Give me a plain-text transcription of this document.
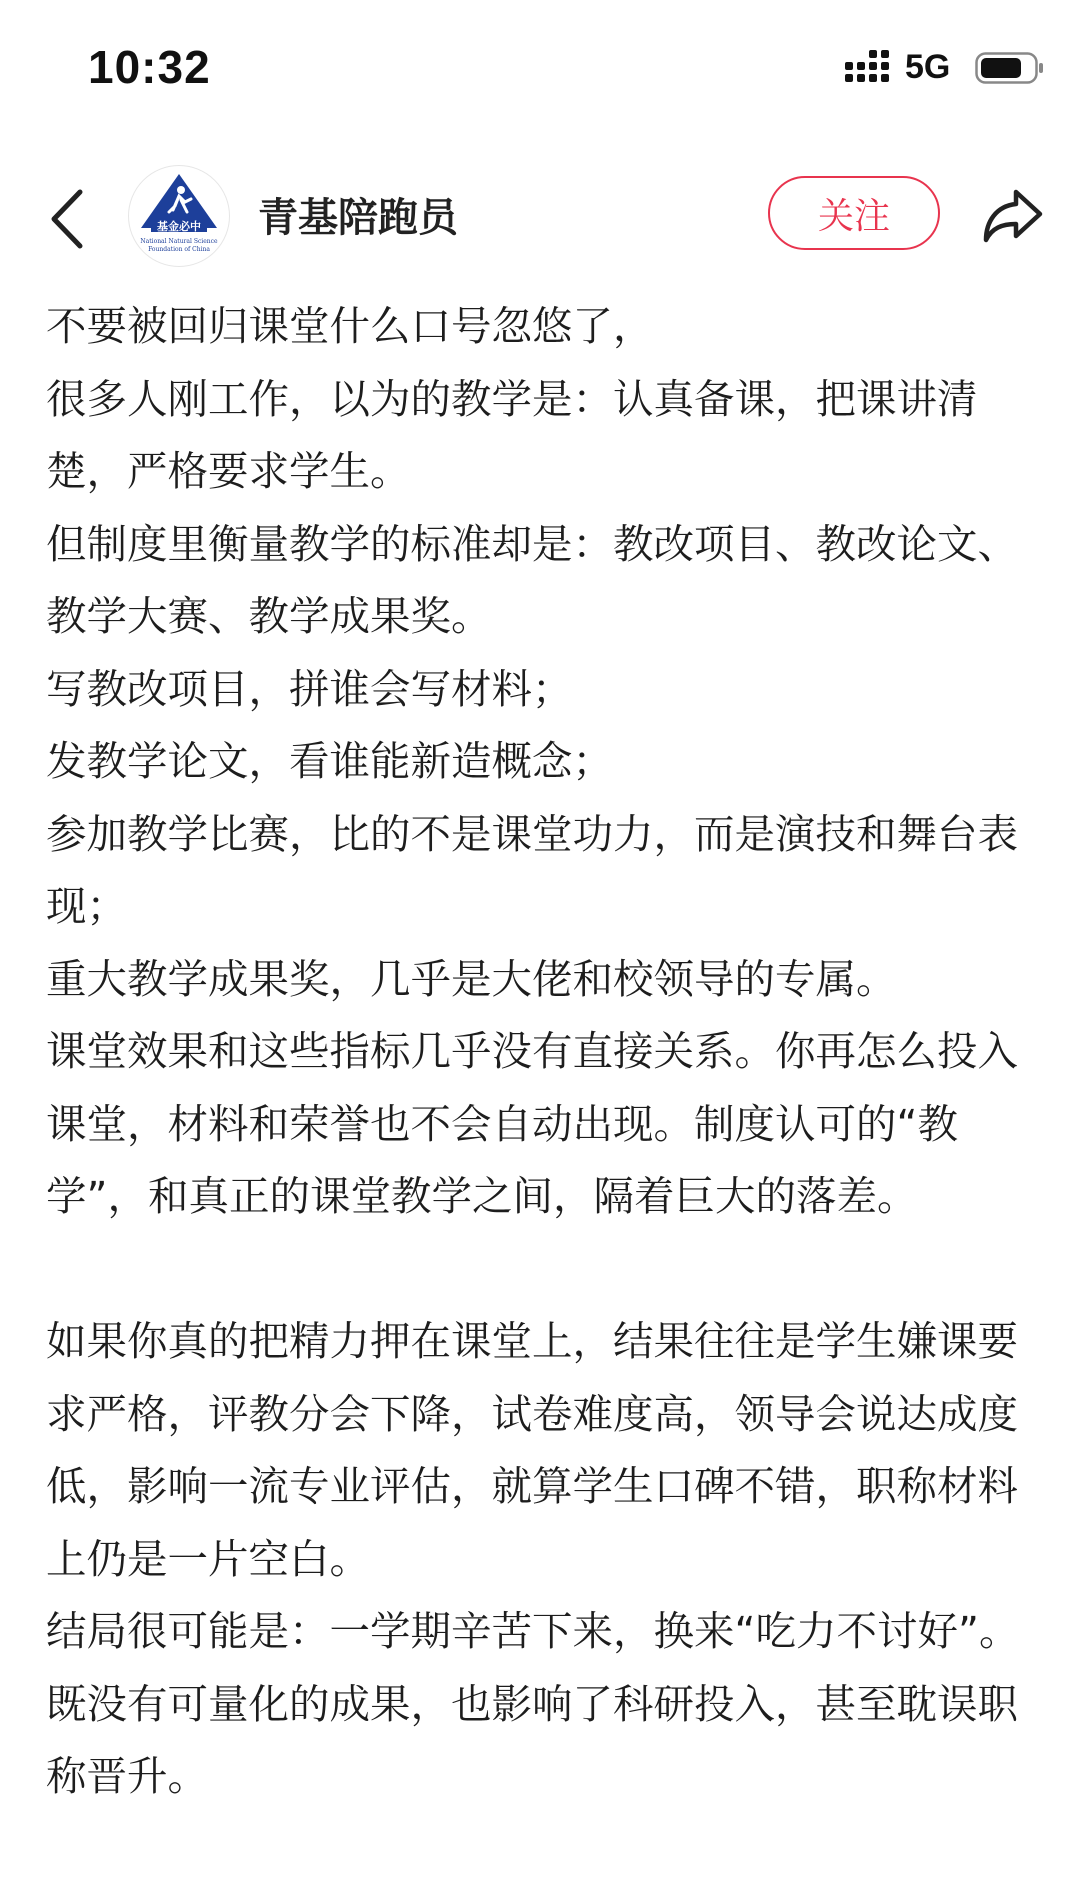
10:32	5G
基金必中
National Natural Science
Foundation of China
青基陪跑员	关注

不要被回归课堂什么口号忽悠了，

很多人刚工作，以为的教学是：认真备课，把课讲清楚，严格要求学生。

但制度里衡量教学的标准却是：教改项目、教改论文、教学大赛、教学成果奖。

写教改项目，拼谁会写材料；

发教学论文，看谁能新造概念；

参加教学比赛，比的不是课堂功力，而是演技和舞台表现；

重大教学成果奖，几乎是大佬和校领导的专属。

课堂效果和这些指标几乎没有直接关系。你再怎么投入课堂，材料和荣誉也不会自动出现。制度认可的“教学”，和真正的课堂教学之间，隔着巨大的落差。

如果你真的把精力押在课堂上，结果往往是学生嫌课要求严格，评教分会下降，试卷难度高，领导会说达成度低，影响一流专业评估，就算学生口碑不错，职称材料上仍是一片空白。

结局很可能是：一学期辛苦下来，换来“吃力不讨好”。既没有可量化的成果，也影响了科研投入，甚至耽误职称晋升。
